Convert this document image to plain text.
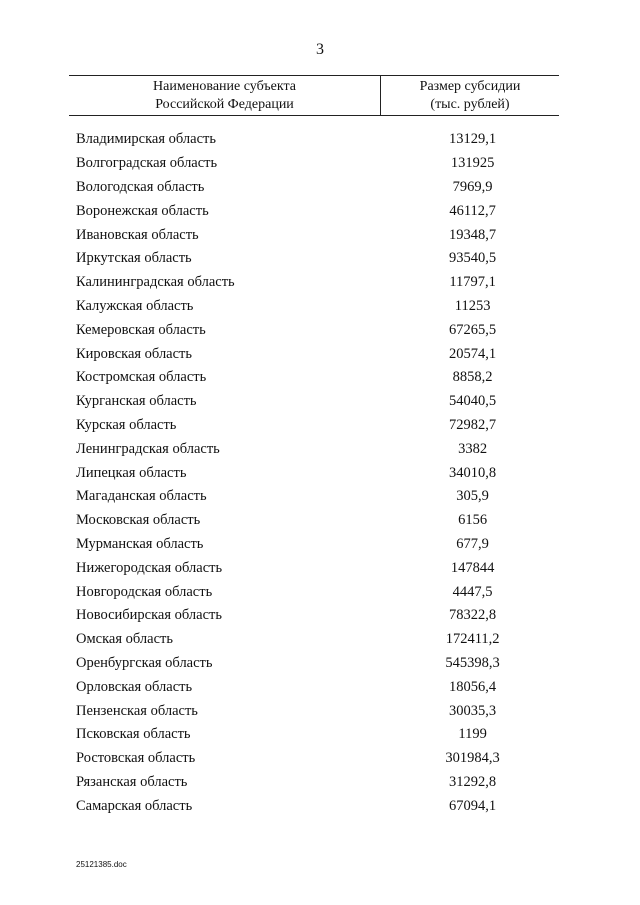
3
Наименование субъекта
Российской Федерации
Размер субсидии
(тыс. рублей)
Владимирская область	13129,1
Волгоградская область	131925
Вологодская область	7969,9
Воронежская область	46112,7
Ивановская область	19348,7
Иркутская область	93540,5
Калининградская область	11797,1
Калужская область	11253
Кемеровская область	67265,5
Кировская область	20574,1
Костромская область	8858,2
Курганская область	54040,5
Курская область	72982,7
Ленинградская область	3382
Липецкая область	34010,8
Магаданская область	305,9
Московская область	6156
Мурманская область	677,9
Нижегородская область	147844
Новгородская область	4447,5
Новосибирская область	78322,8
Омская область	172411,2
Оренбургская область	545398,3
Орловская область	18056,4
Пензенская область	30035,3
Псковская область	1199
Ростовская область	301984,3
Рязанская область	31292,8
Самарская область	67094,1
25121385.doc
